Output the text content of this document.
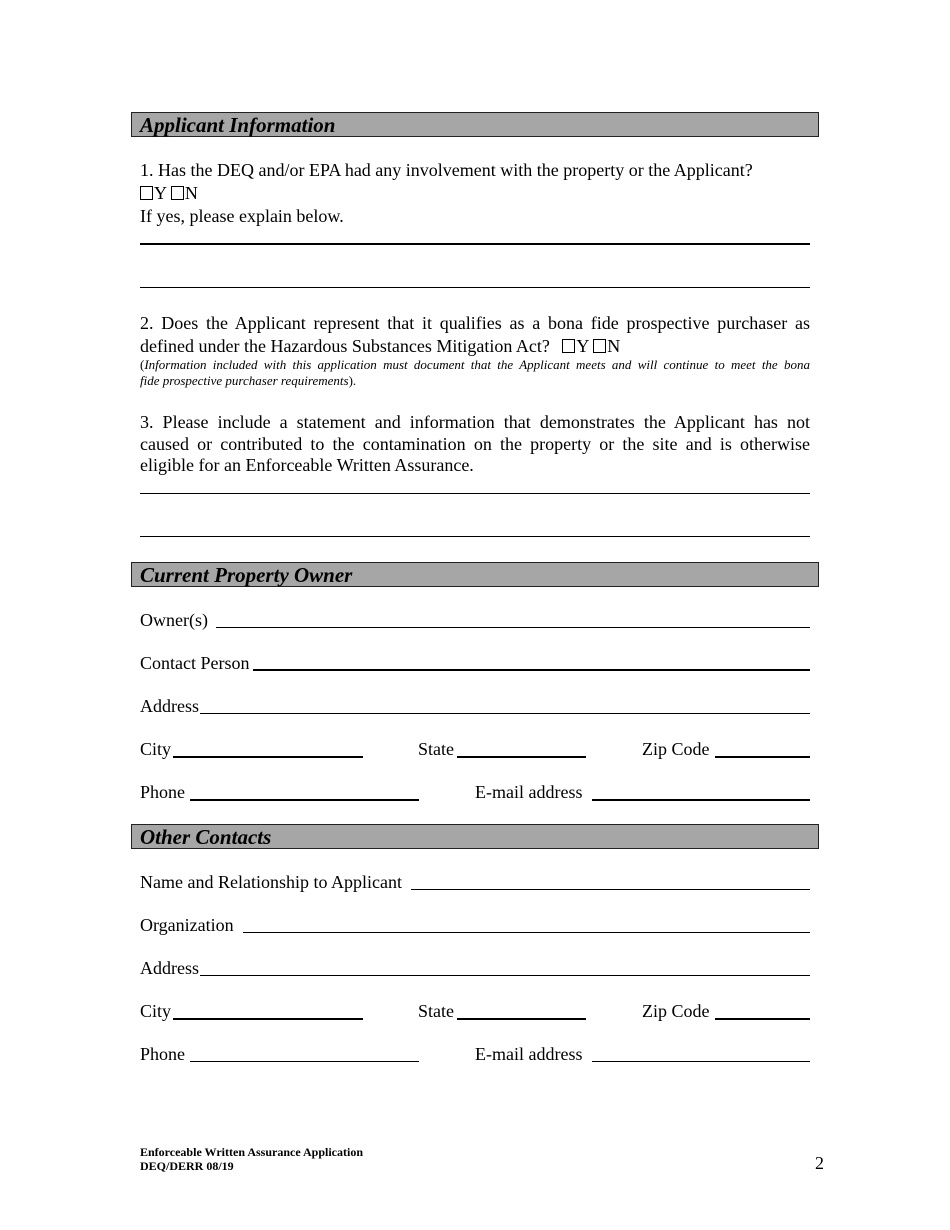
Applicant Information
1. Has the DEQ and/or EPA had any involvement with the property or the Applicant?
Y N
If yes, please explain below.
2. Does the Applicant represent that it qualifies as a bona fide prospective purchaser as
defined under the Hazardous Substances Mitigation Act? Y N
(Information included with this application must document that the Applicant meets and will continue to meet the bona
fide prospective purchaser requirements).
3. Please include a statement and information that demonstrates the Applicant has not
caused or contributed to the contamination on the property or the site and is otherwise
eligible for an Enforceable Written Assurance.
Current Property Owner
Owner(s)
Contact Person
Address
City	State	Zip Code
Phone	E-mail address
Other Contacts
Name and Relationship to Applicant
Organization
Address
City	State	Zip Code
Phone	E-mail address
Enforceable Written Assurance Application
DEQ/DERR 08/19	2
